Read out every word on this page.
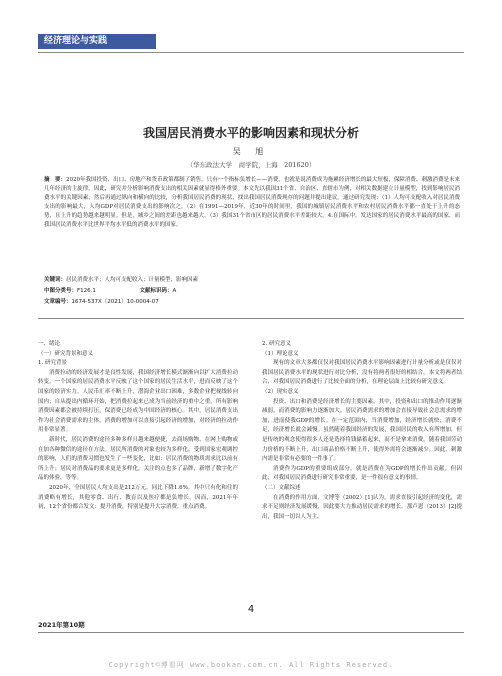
经济理论与实践
我国居民消费水平的影响因素和现状分析
吴 旭
（华东政法大学　商学院，上海　201620）
摘　要：2020年我国投资、出口、房地产和货币政策都制了销售，只有一个指标负增长——消费，也就是说消费成为拖累经济增长的最大短板，保障消费、刺激消费是未来几年经济的主旋律。因此，研究并分析影响消费支出的相关因素就显得格外重要。本文先以我国31个省、自治区、直辖市为例，对相关数据建立计量模型，找到影响居民消费水平的关键因素，然后再通过纵向和横向的比较，分析我国居民消费的现状，找出我国居民消费现存的问题并提出建议。通过研究发现：（1）人均可支配收入对居民消费支出的影响最大，人均GDP对居民消费支出的影响次之。（2）在1991—2019年，近30年的时间里，我国的城镇居民消费水平和农村居民消费水平都一直处于上升的态势，且上升的趋势越来越明显。但是，城乡之间的差距也越来越大。（3）我国31个省市区的居民消费水平差距较大。4.在国际中，发达国家的居民消费水平最高的国家，而我国居民消费水平比世界平均水平低的消费水平的国家。
关键词：居民消费水平；人均可支配收入；计量模型；影响因素
中图分类号：F126.1	文献标识码：A
文章编号：1674-537X（2021）10-0004-07

一、绪论

（一）研究背景和意义

1. 研究背景

消费拉动的经济发展才是良性发展，我国经济增长模式渐渐向以扩大消费拉动转变。一个国家的居民消费水平反映了这个国家的居民生活水平，进而反映了这个国家的经济实力。人民币汇率不断上升，潜海企业出口困难，多数企业把视线转向国内；自从提出内循环开始，把消费拉起来已成为当前经济的重中之重，所有影响消费因素都会被持续打压，保消费已经成为中国经济的核心。其中，居民消费支出作为社会消费需求的主体，消费的增加可以直接引起经济的增加，对经济的拉动作用非常显著。

新时代，居民消费的途径多种多样且越来越便捷，去商场购物、在网上购物或在加各种微信的途径在方法。居民所消费的对象也较为多样化。受到国家宏观调控的影响，人们的消费习惯也发生了一些变化，比如：居民消费的物质需求比以前有所上升；居民对消费品的要求更是多样化，关注的点也多了品牌，新增了数字化产品的体验，等等。

2020年，全国居民人均支出是212万元，同比下降1.6%。其中只有化和住的消费略有增长，其他零食、出行、教育以及医疗都是负增长。因而，2021年年初，12个省份都合发文：提升消费，特别是提升大宗消费，重点消费。

2. 研究意义

（1）理论意义

现有的文章大多都仅仅对我国居民消费水平影响因素进行计量分析或是仅仅对我国居民消费水平的现状进行对比分析，没有将两者很好的相结合。本文将两者结合，对我国居民消费进行了比较全面的分析，在理论层面上比较有研究意义。

（2）现实意义

投资、出口和消费是经济增长的主要因素，其中，投资和出口的推动作用逐渐减弱，而消费的影响力逐渐加大。居民消费需求的增加会直接导致社会总需求的增加，进而使我GDP的增长。在一定范围内，当消费增加，经济增长就快；消费不足，经济增长就会减慢。虽然随着我国经济的发展，我国居民的收入有所增加，但是传统的观念使得很多人还是选择将钱储蓄起来，而不是拿来消费。随着我国劳动力价格的不断上升，出口商品价格不断上升，使得外需将会逐渐减少。因此，刺激内需是非常有必要的一件事了。

消费作为GDP的重要组成部分，就是消费在为GDP的增长作出贡献。但因此，对我国居民消费进行研究非常重要，是一件很有意义的事情。

（二）文献综述

在消费的作用方面，文博等（2002）[1]认为，需求直接引起经济的变化，需求不足则经济发展缓慢，因此要大力推动居民需求的增长。那卢恩（2013）[2]提出，我国一切以人为主，

4
2021年第10期
Copyright©博看网 www.bookan.com.cn. All Rights Reserved.
